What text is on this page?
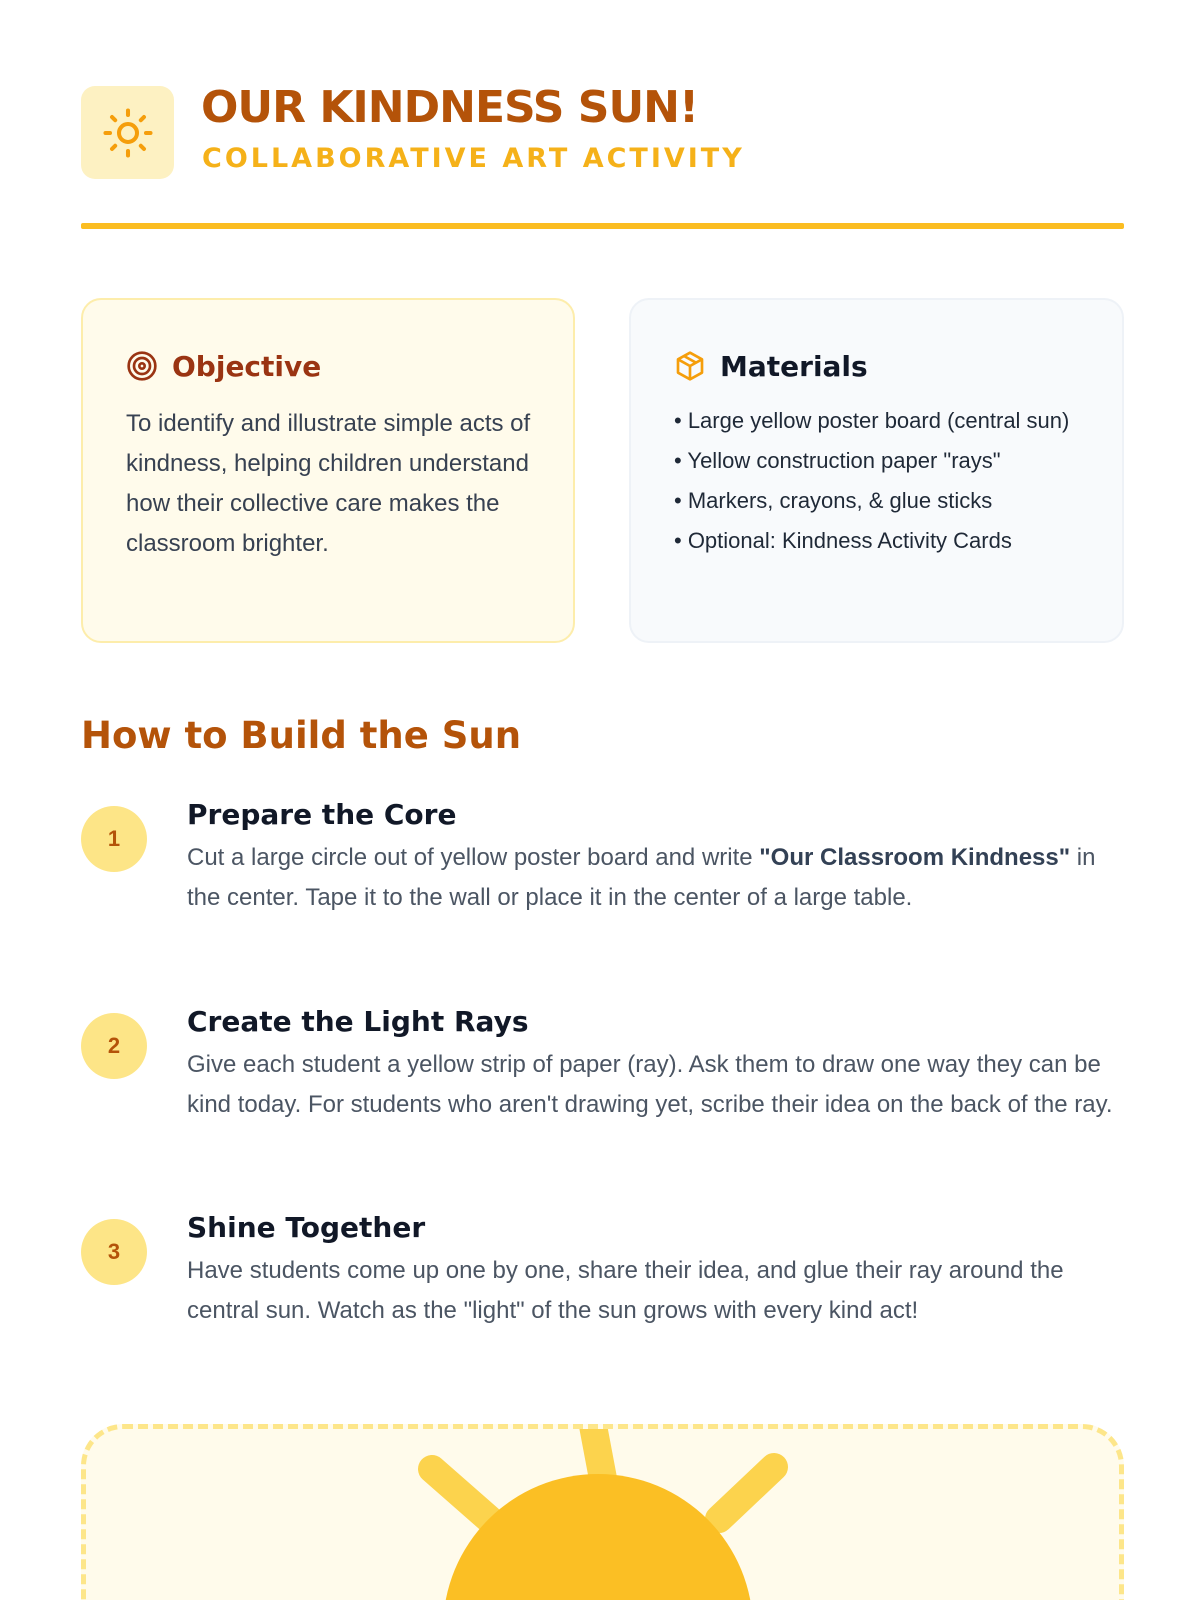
OUR KINDNESS SUN!
COLLABORATIVE ART ACTIVITY
Objective

To identify and illustrate simple acts of kindness, helping children understand how their collective care makes the classroom brighter.

Materials
• Large yellow poster board (central sun)
• Yellow construction paper "rays"
• Markers, crayons, & glue sticks
• Optional: Kindness Activity Cards
How to Build the Sun
1
Prepare the Core

Cut a large circle out of yellow poster board and write "Our Classroom Kindness" in the center. Tape it to the wall or place it in the center of a large table.

2
Create the Light Rays

Give each student a yellow strip of paper (ray). Ask them to draw one way they can be kind today. For students who aren't drawing yet, scribe their idea on the back of the ray.

3
Shine Together

Have students come up one by one, share their idea, and glue their ray around the central sun. Watch as the "light" of the sun grows with every kind act!
